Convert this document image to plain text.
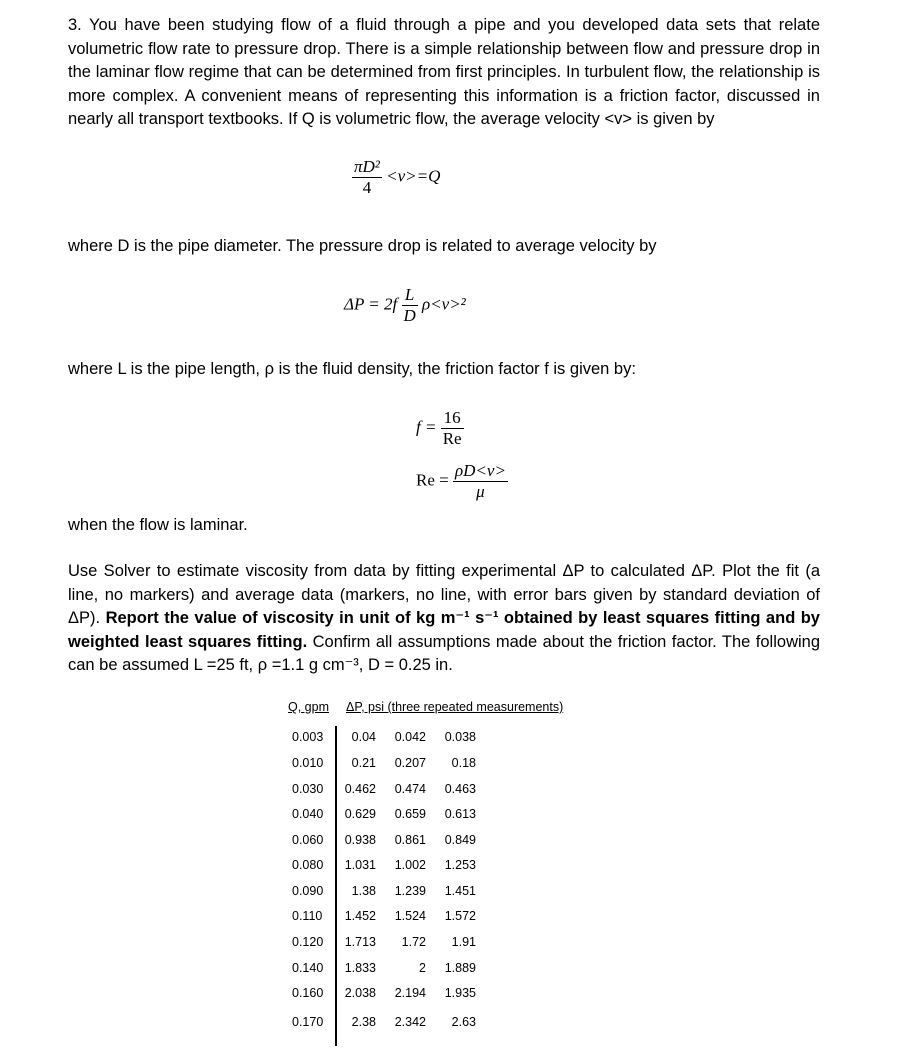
3. You have been studying flow of a fluid through a pipe and you developed data sets that relate volumetric flow rate to pressure drop. There is a simple relationship between flow and pressure drop in the laminar flow regime that can be determined from first principles. In turbulent flow, the relationship is more complex. A convenient means of representing this information is a friction factor, discussed in nearly all transport textbooks. If Q is volumetric flow, the average velocity <v> is given by

$\frac{\text{πD²}}{4} <v>=Q$

where D is the pipe diameter. The pressure drop is related to average velocity by

$\Delta P = 2f \frac{L}{D} \rho<v>^2$

where L is the pipe length, ρ is the fluid density, the friction factor f is given by:

$f = \frac{16}{Re}$
$Re = \frac{\rho D<v>}{\mu}$

when the flow is laminar.

Use Solver to estimate viscosity from data by fitting experimental ΔP to calculated ΔP. Plot the fit (a line, no markers) and average data (markers, no line, with error bars given by standard deviation of ΔP). Report the value of viscosity in unit of kg m⁻¹ s⁻¹ obtained by least squares fitting and by weighted least squares fitting. Confirm all assumptions made about the friction factor. The following can be assumed L =25 ft, ρ =1.1 g cm⁻³, D = 0.25 in.

Q, gpm ΔP, psi (three repeated measurements)
0.003	0.04	0.042	0.038
0.010	0.21	0.207	0.18
0.030	0.462	0.474	0.463
0.040	0.629	0.659	0.613
0.060	0.938	0.861	0.849
0.080	1.031	1.002	1.253
0.090	1.38	1.239	1.451
0.110	1.452	1.524	1.572
0.120	1.713	1.72	1.91
0.140	1.833	2	1.889
0.160	2.038	2.194	1.935
0.170	2.38	2.342	2.63
